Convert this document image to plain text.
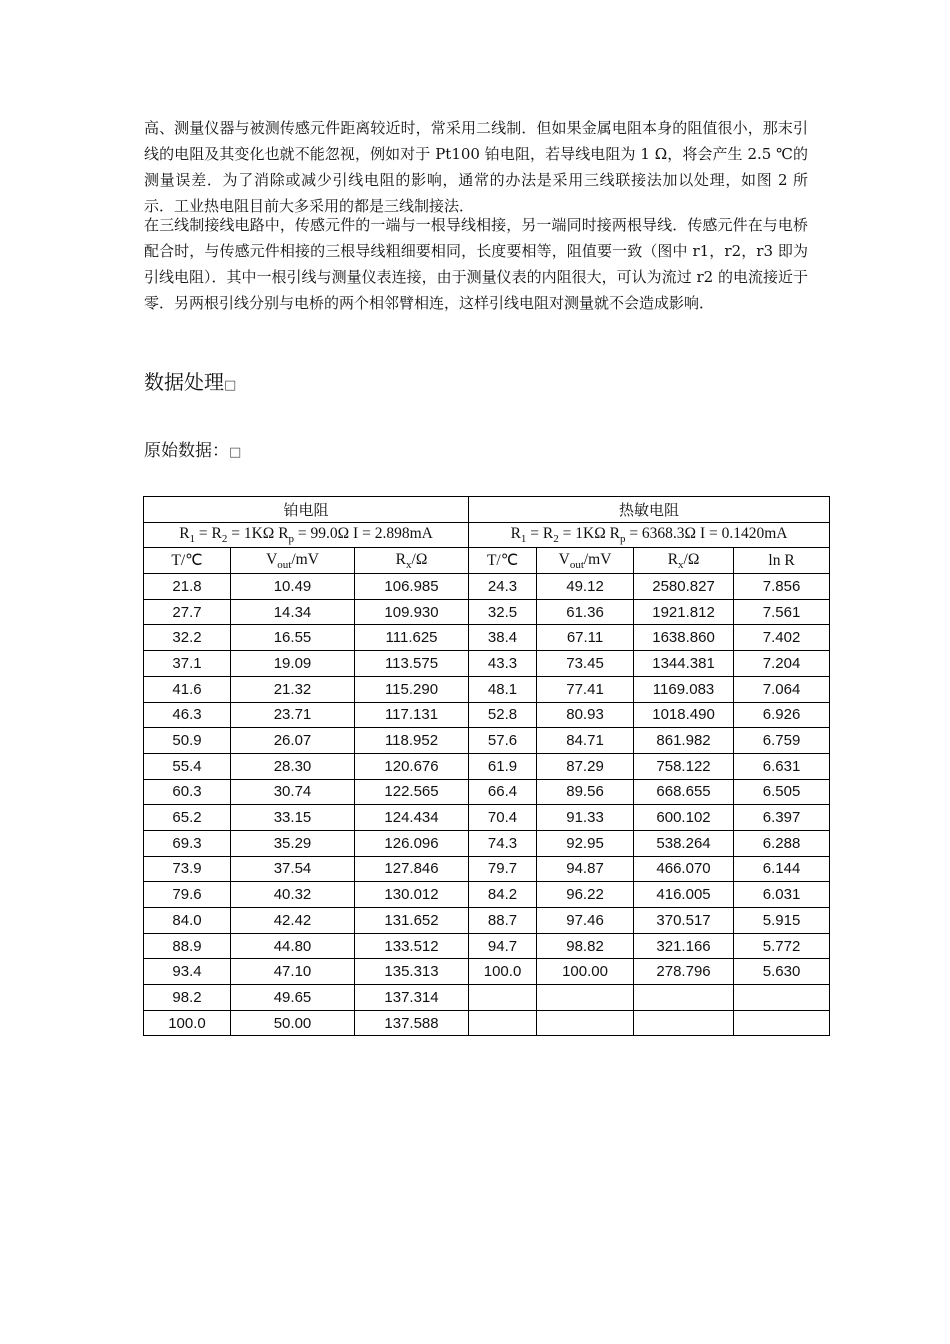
高、测量仪器与被测传感元件距离较近时，常采用二线制．但如果金属电阻本身的阻值很小，那末引线的电阻及其变化也就不能忽视，例如对于 Pt100 铂电阻，若导线电阻为 1 Ω，将会产生 2.5 ℃的测量误差．为了消除或减少引线电阻的影响，通常的办法是采用三线联接法加以处理，如图 2 所示．工业热电阻目前大多采用的都是三线制接法．

在三线制接线电路中，传感元件的一端与一根导线相接，另一端同时接两根导线．传感元件在与电桥配合时，与传感元件相接的三根导线粗细要相同，长度要相等，阻值要一致（图中 r1，r2，r3 即为引线电阻）．其中一根引线与测量仪表连接，由于测量仪表的内阻很大，可认为流过 r2 的电流接近于零．另两根引线分别与电桥的两个相邻臂相连，这样引线电阻对测量就不会造成影响．

数据处理□
原始数据：□
铂电阻			热敏电阻			
$R_1 = R_2 = 1K\Omega$ $R_p = 99.0\Omega$ I = 2.898mA			$R_1 = R_2 = 1K\Omega$ $R_p = 6368.3\Omega$ I = 0.1420mA			
T/℃	$V_{out}/mV$	$R_x/\Omega$	T/℃	$V_{out}/mV$	$R_x/\Omega$	ln R
21.8	10.49	106.985	24.3	49.12	2580.827	7.856
27.7	14.34	109.930	32.5	61.36	1921.812	7.561
32.2	16.55	111.625	38.4	67.11	1638.860	7.402
37.1	19.09	113.575	43.3	73.45	1344.381	7.204
41.6	21.32	115.290	48.1	77.41	1169.083	7.064
46.3	23.71	117.131	52.8	80.93	1018.490	6.926
50.9	26.07	118.952	57.6	84.71	861.982	6.759
55.4	28.30	120.676	61.9	87.29	758.122	6.631
60.3	30.74	122.565	66.4	89.56	668.655	6.505
65.2	33.15	124.434	70.4	91.33	600.102	6.397
69.3	35.29	126.096	74.3	92.95	538.264	6.288
73.9	37.54	127.846	79.7	94.87	466.070	6.144
79.6	40.32	130.012	84.2	96.22	416.005	6.031
84.0	42.42	131.652	88.7	97.46	370.517	5.915
88.9	44.80	133.512	94.7	98.82	321.166	5.772
93.4	47.10	135.313	100.0	100.00	278.796	5.630
98.2	49.65	137.314				
100.0	50.00	137.588				
